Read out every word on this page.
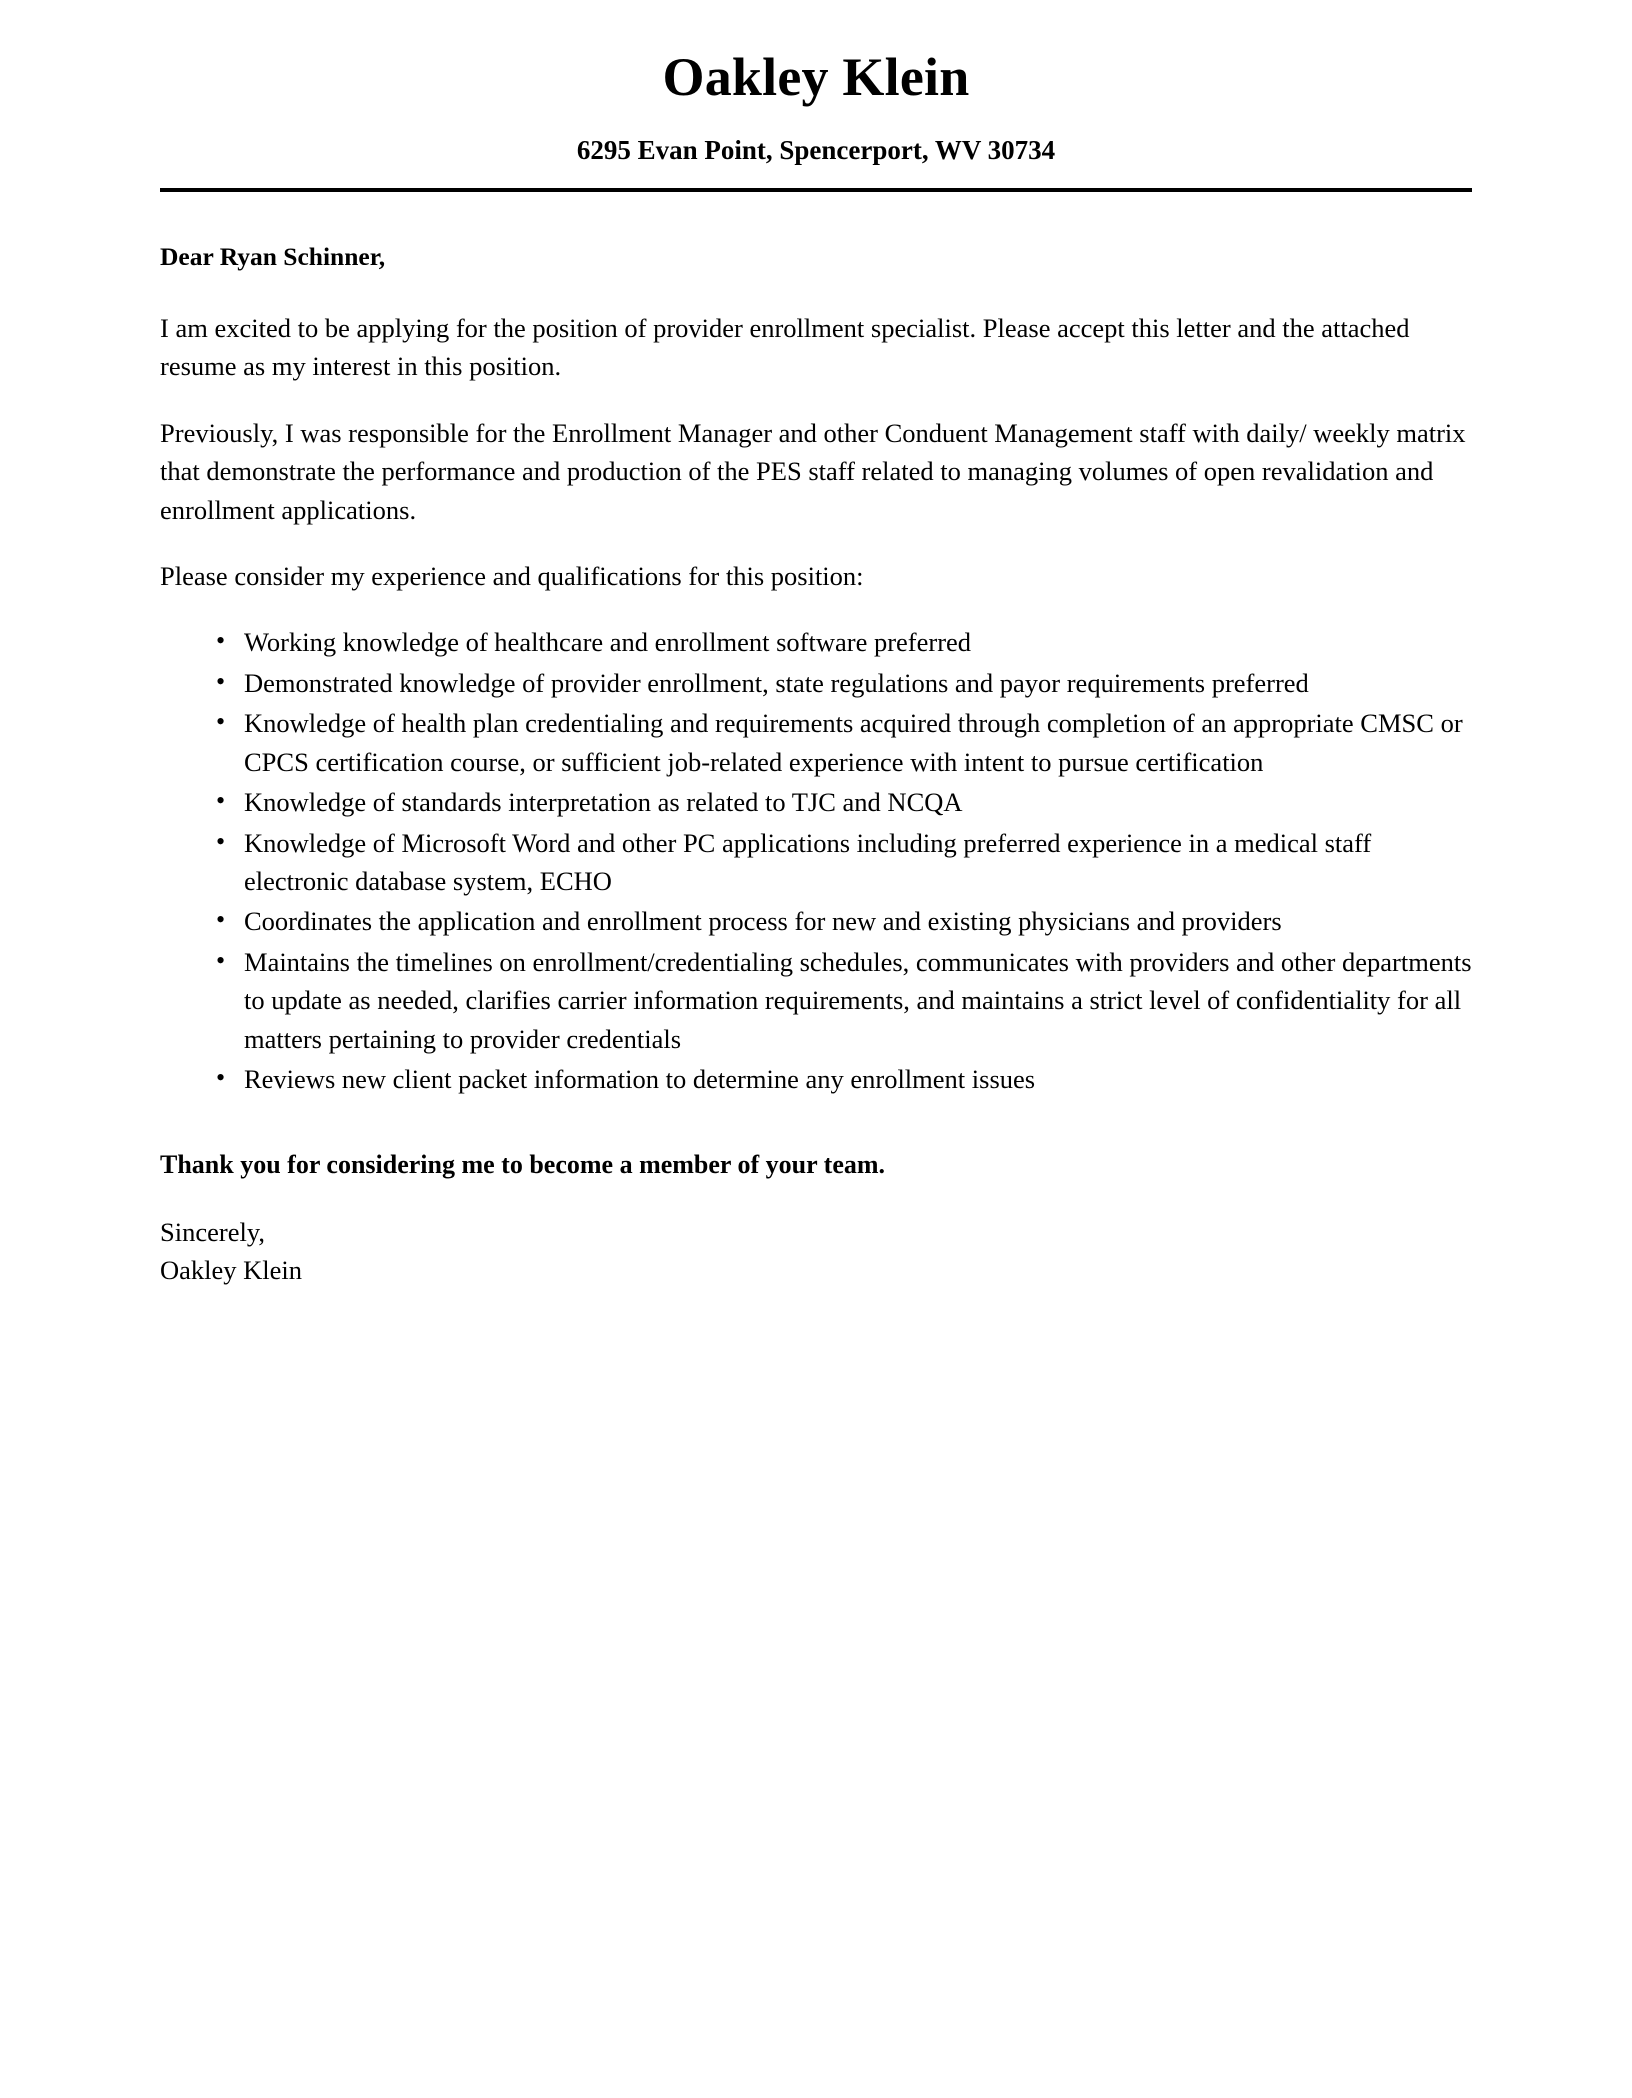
Oakley Klein
6295 Evan Point, Spencerport, WV 30734
Dear Ryan Schinner,

I am excited to be applying for the position of provider enrollment specialist. Please accept this letter and the attached resume as my interest in this position.

Previously, I was responsible for the Enrollment Manager and other Conduent Management staff with daily/ weekly matrix that demonstrate the performance and production of the PES staff related to managing volumes of open revalidation and enrollment applications.

Please consider my experience and qualifications for this position:

• Working knowledge of healthcare and enrollment software preferred
• Demonstrated knowledge of provider enrollment, state regulations and payor requirements preferred
• Knowledge of health plan credentialing and requirements acquired through completion of an appropriate CMSC or CPCS certification course, or sufficient job-related experience with intent to pursue certification
• Knowledge of standards interpretation as related to TJC and NCQA
• Knowledge of Microsoft Word and other PC applications including preferred experience in a medical staff electronic database system, ECHO
• Coordinates the application and enrollment process for new and existing physicians and providers
• Maintains the timelines on enrollment/credentialing schedules, communicates with providers and other departments to update as needed, clarifies carrier information requirements, and maintains a strict level of confidentiality for all matters pertaining to provider credentials
• Reviews new client packet information to determine any enrollment issues
Thank you for considering me to become a member of your team.
Sincerely,
Oakley Klein
